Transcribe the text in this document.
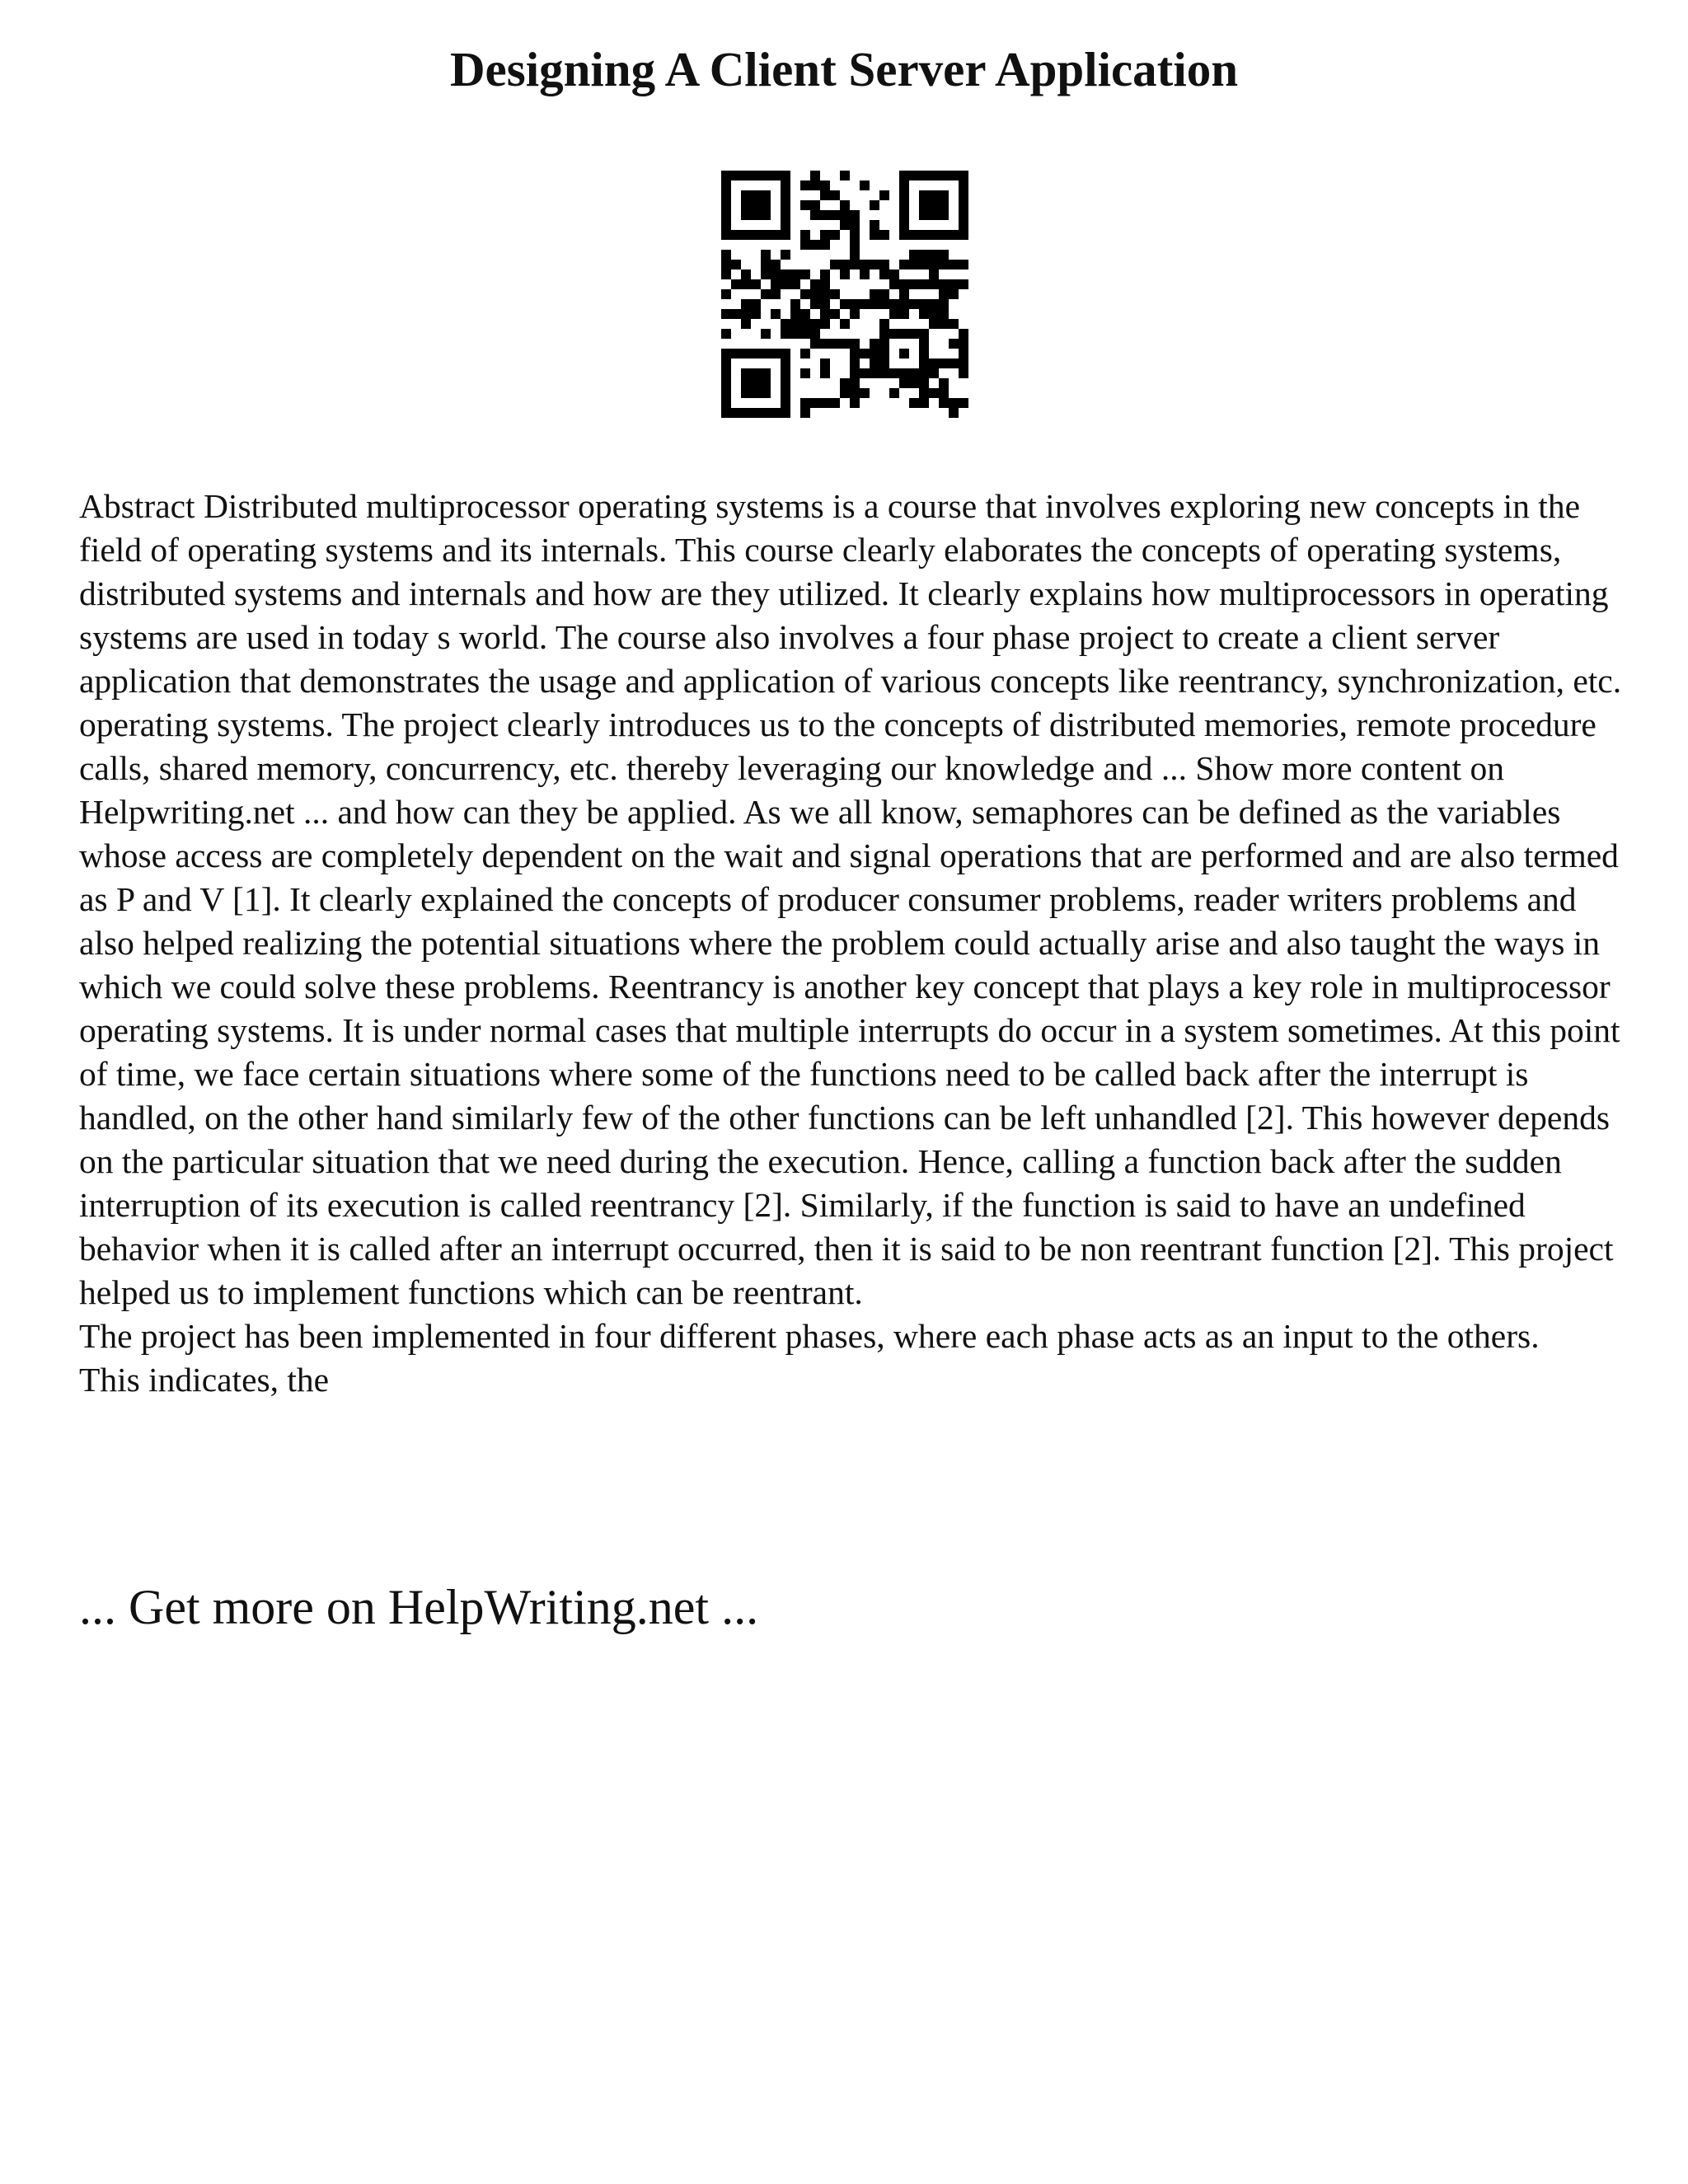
Designing A Client Server Application

Abstract Distributed multiprocessor operating systems is a course that involves exploring new concepts in the field of operating systems and its internals. This course clearly elaborates the concepts of operating systems, distributed systems and internals and how are they utilized. It clearly explains how multiprocessors in operating systems are used in today s world. The course also involves a four phase project to create a client server application that demonstrates the usage and application of various concepts like reentrancy, synchronization, etc. operating systems. The project clearly introduces us to the concepts of distributed memories, remote procedure calls, shared memory, concurrency, etc. thereby leveraging our knowledge and ... Show more content on Helpwriting.net ... and how can they be applied. As we all know, semaphores can be defined as the variables whose access are completely dependent on the wait and signal operations that are performed and are also termed as P and V [1]. It clearly explained the concepts of producer consumer problems, reader writers problems and also helped realizing the potential situations where the problem could actually arise and also taught the ways in which we could solve these problems. Reentrancy is another key concept that plays a key role in multiprocessor operating systems. It is under normal cases that multiple interrupts do occur in a system sometimes. At this point of time, we face certain situations where some of the functions need to be called back after the interrupt is handled, on the other hand similarly few of the other functions can be left unhandled [2]. This however depends on the particular situation that we need during the execution. Hence, calling a function back after the sudden interruption of its execution is called reentrancy [2]. Similarly, if the function is said to have an undefined behavior when it is called after an interrupt occurred, then it is said to be non reentrant function [2]. This project helped us to implement functions which can be reentrant.

The project has been implemented in four different phases, where each phase acts as an input to the others.

This indicates, the

... Get more on HelpWriting.net ...
